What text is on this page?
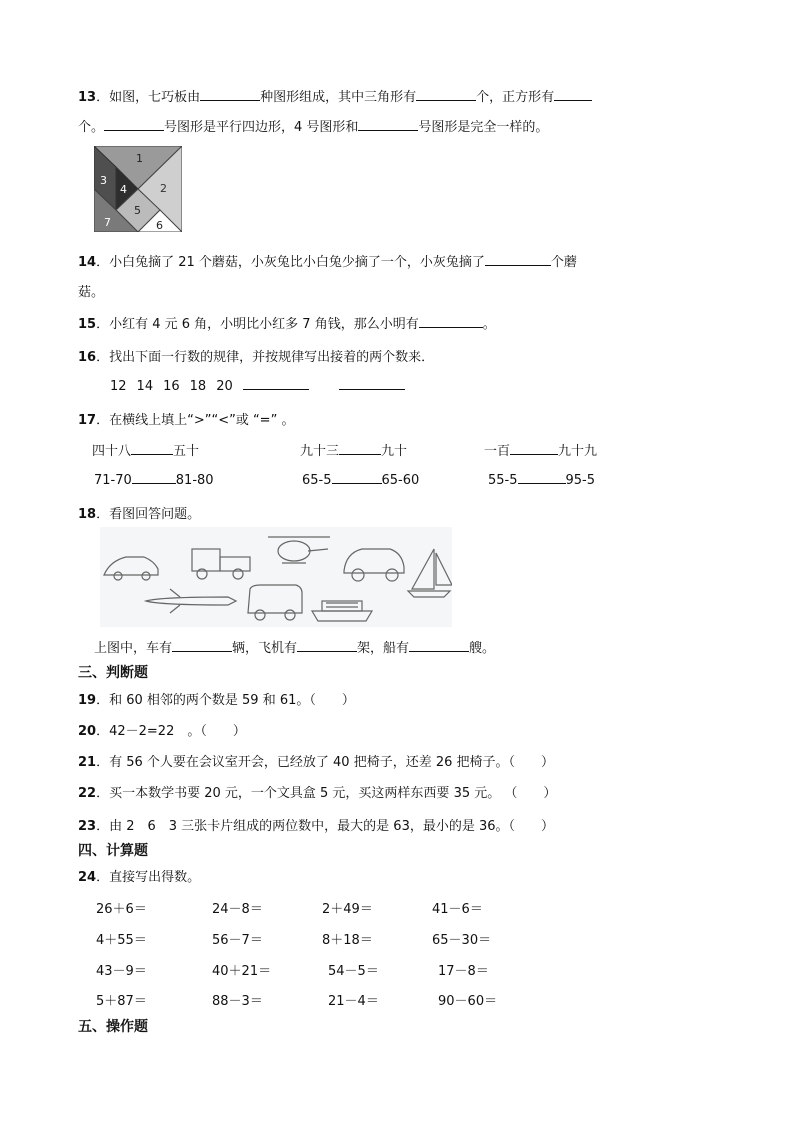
13．如图，七巧板由	种图形组成，其中三角形有	个，正方形有
个。	号图形是平行四边形，4 号图形和	号图形是完全一样的。
1
2
3
4
5
6
7
14．小白兔摘了 21 个蘑菇，小灰兔比小白兔少摘了一个，小灰兔摘了	个蘑
菇。
15．小红有 4 元 6 角，小明比小红多 7 角钱，那么小明有	。
16．找出下面一行数的规律，并按规律写出接着的两个数来．
12 14 16 18 20
17．在横线上填上“>”“<”或 “=” 。
四十八	五十	九十三	九十	一百	九十九
71-70	81-80	65-5	65-60	55-5	95-5
18．看图回答问题。
上图中，车有	辆，飞机有	架，船有	艘。
三、判断题
19．和 60 相邻的两个数是 59 和 61。（　　）
20．42－2=22　。（　　）
21．有 56 个人要在会议室开会，已经放了 40 把椅子，还差 26 把椅子。（　　）
22．买一本数学书要 20 元，一个文具盒 5 元，买这两样东西要 35 元。 （　　）
23．由 2　6　3 三张卡片组成的两位数中，最大的是 63，最小的是 36。（　　）
四、计算题
24．直接写出得数。
26＋6＝	24－8＝	2＋49＝	41－6＝
4＋55＝	56－7＝	8＋18＝	65－30＝
43－9＝	40＋21＝	54－5＝	17－8＝
5＋87＝	88－3＝	21－4＝	90－60＝
五、操作题
